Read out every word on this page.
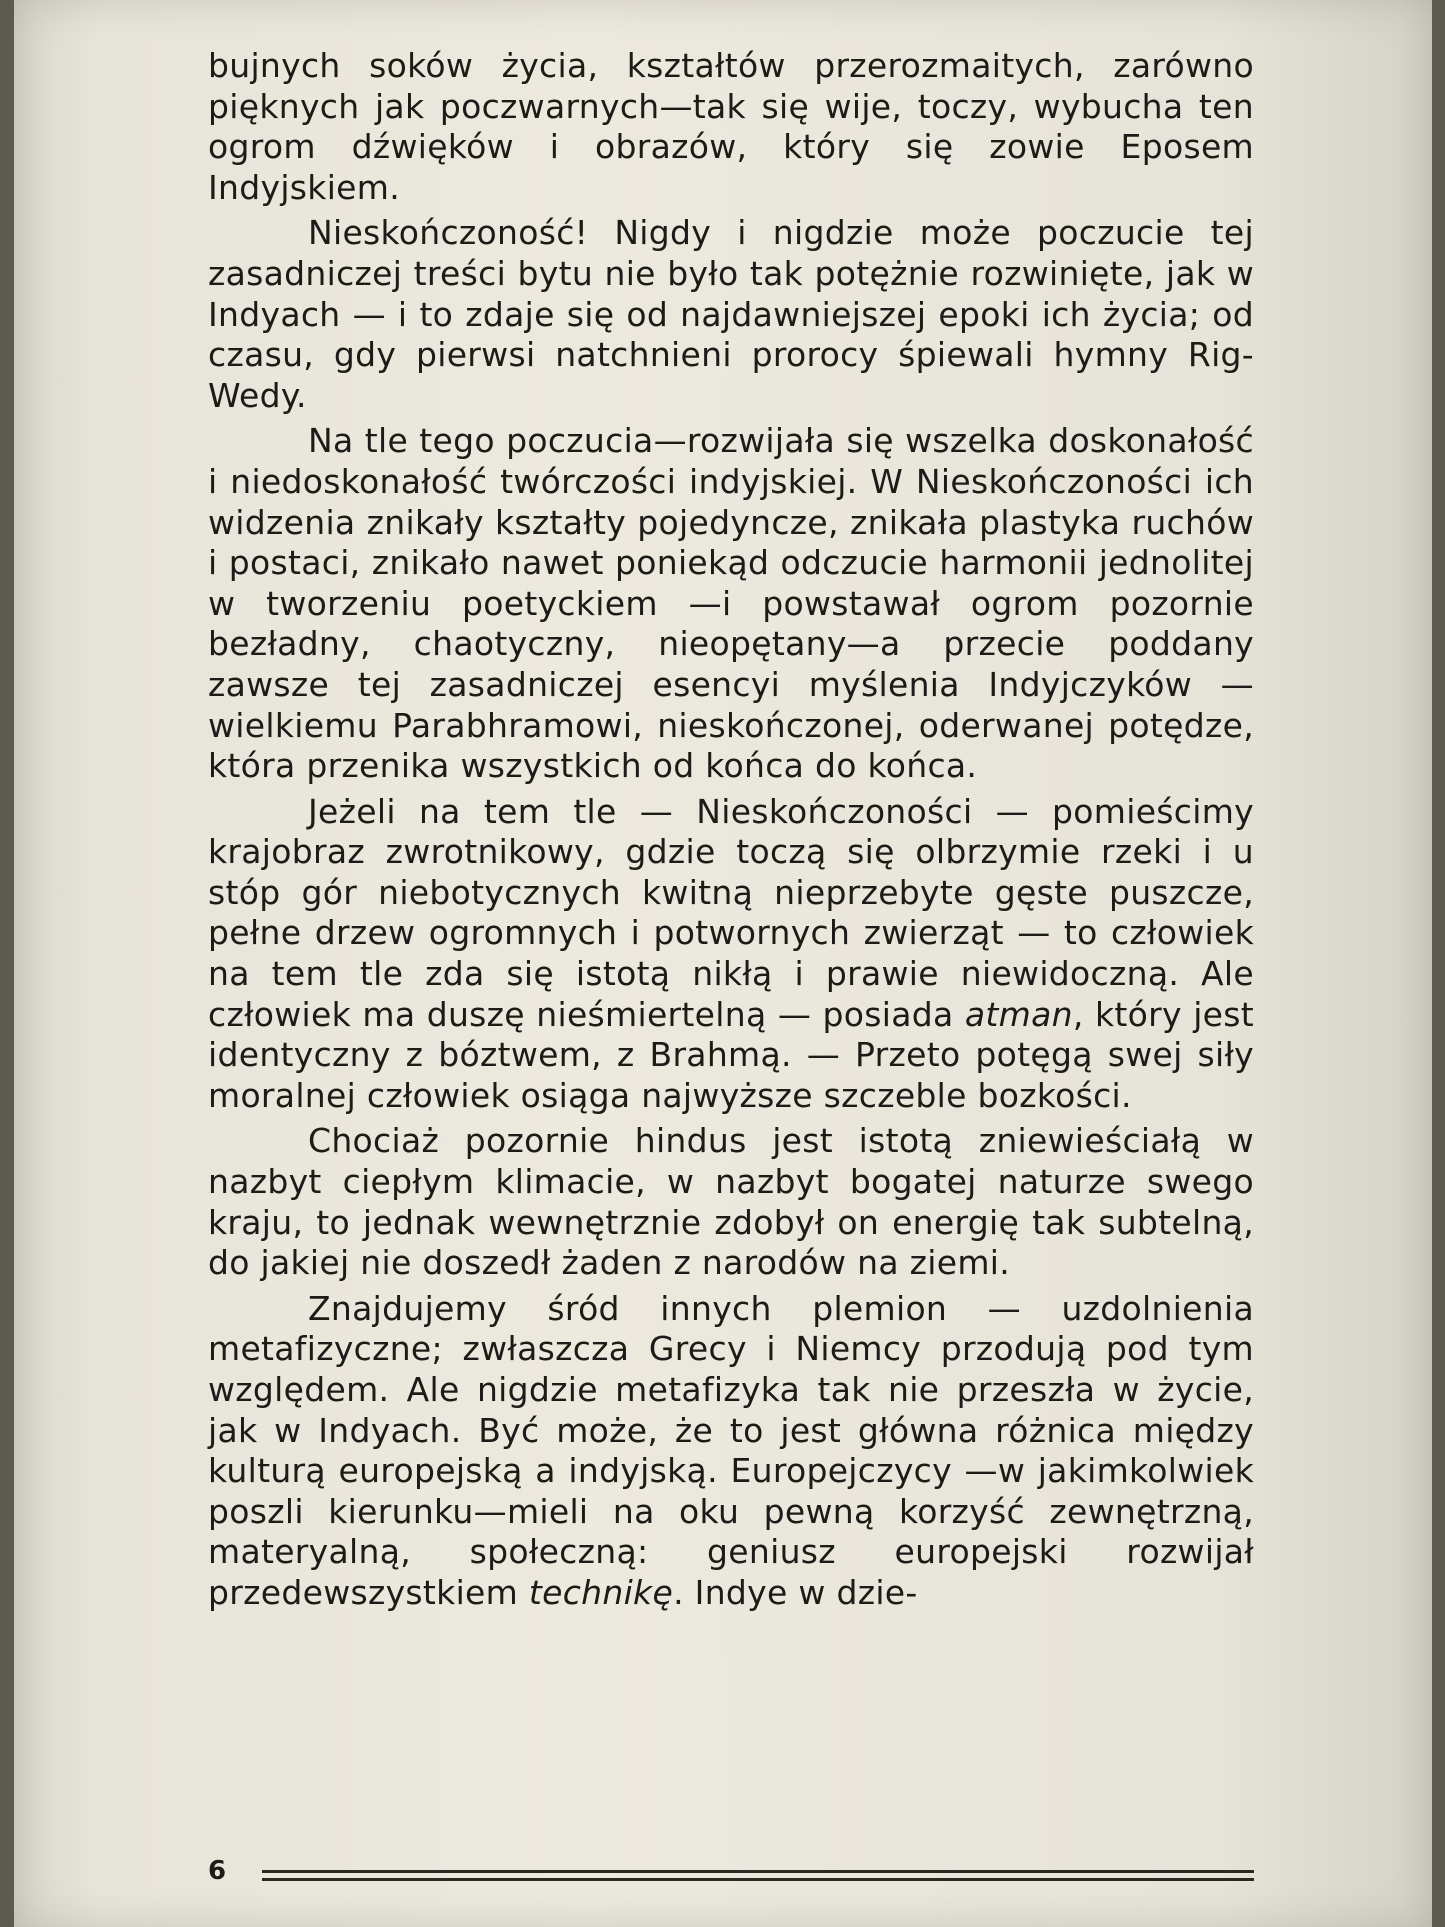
bujnych soków życia, kształtów przerozmaitych, zarówno pięknych jak poczwarnych—tak się wije, toczy, wybucha ten ogrom dźwięków i obrazów, który się zowie Eposem Indyjskiem.

Nieskończoność! Nigdy i nigdzie może poczucie tej zasadniczej treści bytu nie było tak potężnie rozwinięte, jak w Indyach — i to zdaje się od najdawniejszej epoki ich życia; od czasu, gdy pierwsi natchnieni prorocy śpiewali hymny Rig-Wedy.

Na tle tego poczucia—rozwijała się wszelka doskonałość i niedoskonałość twórczości indyjskiej. W Nieskończoności ich widzenia znikały kształty pojedyncze, znikała plastyka ruchów i postaci, znikało nawet poniekąd odczucie harmonii jednolitej w tworzeniu poetyckiem —i powstawał ogrom pozornie bezładny, chaotyczny, nieopętany—a przecie poddany zawsze tej zasadniczej esencyi myślenia Indyjczyków — wielkiemu Parabhramowi, nieskończonej, oderwanej potędze, która przenika wszystkich od końca do końca.

Jeżeli na tem tle — Nieskończoności — pomieścimy krajobraz zwrotnikowy, gdzie toczą się olbrzymie rzeki i u stóp gór niebotycznych kwitną nieprzebyte gęste puszcze, pełne drzew ogromnych i potwornych zwierząt — to człowiek na tem tle zda się istotą nikłą i prawie niewidoczną. Ale człowiek ma duszę nieśmiertelną — posiada atman, który jest identyczny z bóztwem, z Brahmą. — Przeto potęgą swej siły moralnej człowiek osiąga najwyższe szczeble bozkości.

Chociaż pozornie hindus jest istotą zniewieściałą w nazbyt ciepłym klimacie, w nazbyt bogatej naturze swego kraju, to jednak wewnętrznie zdobył on energię tak subtelną, do jakiej nie doszedł żaden z narodów na ziemi.

Znajdujemy śród innych plemion — uzdolnienia metafizyczne; zwłaszcza Grecy i Niemcy przodują pod tym względem. Ale nigdzie metafizyka tak nie przeszła w życie, jak w Indyach. Być może, że to jest główna różnica między kulturą europejską a indyjską. Europejczycy —w jakimkolwiek poszli kierunku—mieli na oku pewną korzyść zewnętrzną, materyalną, społeczną: geniusz europejski rozwijał przedewszystkiem technikę. Indye w dzie-

6
